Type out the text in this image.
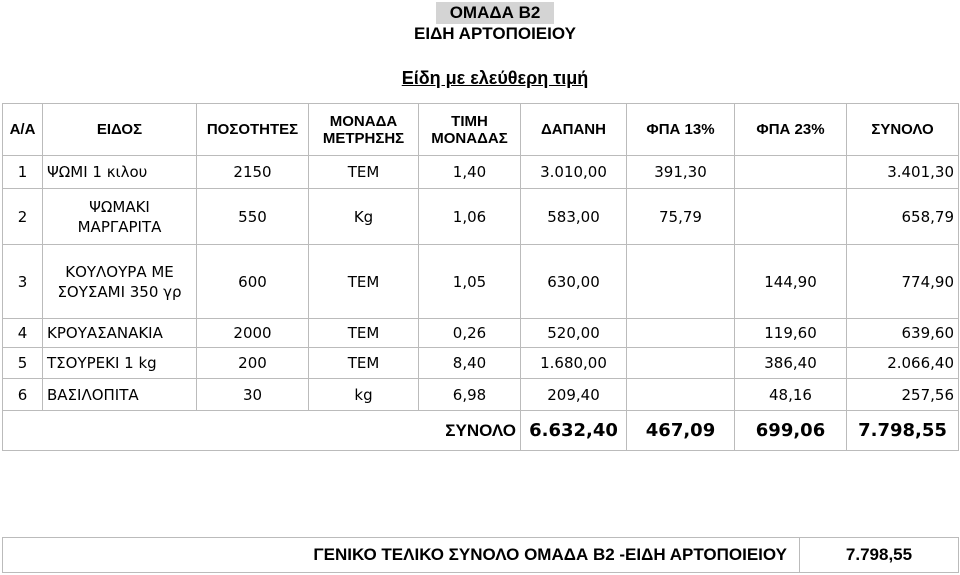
ΟΜΑΔΑ Β2
ΕΙΔΗ ΑΡΤΟΠΟΙΕΙΟΥ
Είδη με ελεύθερη τιμή
Α/Α	ΕΙΔΟΣ	ΠΟΣΟΤΗΤΕΣ	ΜΟΝΑΔΑ ΜΕΤΡΗΣΗΣ	ΤΙΜΗ ΜΟΝΑΔΑΣ	ΔΑΠΑΝΗ	ΦΠΑ 13%	ΦΠΑ 23%	ΣΥΝΟΛΟ
1	ΨΩΜΙ 1 κιλου	2150	ΤΕΜ	1,40	3.010,00	391,30		3.401,30
2	ΨΩΜΑΚΙ ΜΑΡΓΑΡΙΤΑ	550	Kg	1,06	583,00	75,79		658,79
3	ΚΟΥΛΟΥΡΑ ΜΕ ΣΟΥΣΑΜΙ 350 γρ	600	ΤΕΜ	1,05	630,00		144,90	774,90
4	ΚΡΟΥΑΣΑΝΑΚΙΑ	2000	ΤΕΜ	0,26	520,00		119,60	639,60
5	ΤΣΟΥΡΕΚΙ 1 kg	200	ΤΕΜ	8,40	1.680,00		386,40	2.066,40
6	ΒΑΣΙΛΟΠΙΤΑ	30	kg	6,98	209,40		48,16	257,56
				ΣΥΝΟΛΟ	6.632,40	467,09	699,06	7.798,55
ΓΕΝΙΚΟ ΤΕΛΙΚΟ ΣΥΝΟΛΟ ΟΜΑΔΑ Β2 -ΕΙΔΗ ΑΡΤΟΠΟΙΕΙΟΥ	7.798,55
